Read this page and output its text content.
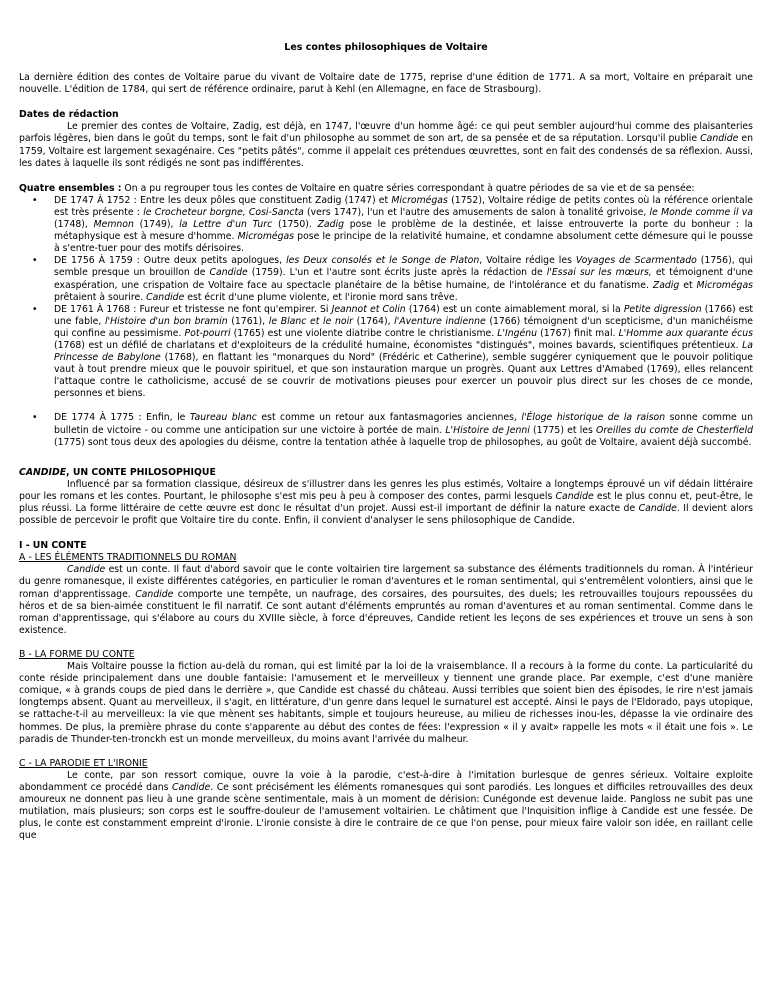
Les contes philosophiques de Voltaire

La dernière édition des contes de Voltaire parue du vivant de Voltaire date de 1775, reprise d'une édition de 1771. A sa mort, Voltaire en préparait une nouvelle. L'édition de 1784, qui sert de référence ordinaire, parut à Kehl (en Allemagne, en face de Strasbourg).

Dates de rédaction

Le premier des contes de Voltaire, Zadig, est déjà, en 1747, l'œuvre d'un homme âgé: ce qui peut sembler aujourd'hui comme des plaisanteries parfois légères, bien dans le goût du temps, sont le fait d'un philosophe au sommet de son art, de sa pensée et de sa réputation. Lorsqu'il publie Candide en 1759, Voltaire est largement sexagénaire. Ces "petits pâtés", comme il appelait ces prétendues œuvrettes, sont en fait des condensés de sa réflexion. Aussi, les dates à laquelle ils sont rédigés ne sont pas indifférentes.

Quatre ensembles : On a pu regrouper tous les contes de Voltaire en quatre séries correspondant à quatre périodes de sa vie et de sa pensée:

• DE 1747 À 1752 : Entre les deux pôles que constituent Zadig (1747) et Micromégas (1752), Voltaire rédige de petits contes où la référence orientale est très présente : le Crocheteur borgne, Cosi-Sancta (vers 1747), l'un et l'autre des amusements de salon à tonalité grivoise, le Monde comme il va (1748), Memnon (1749), la Lettre d'un Turc (1750). Zadig pose le problème de la destinée, et laisse entrouverte la porte du bonheur : la métaphysique est à mesure d'homme. Micromégas pose le principe de la relativité humaine, et condamne absolument cette démesure qui le pousse à s'entre-tuer pour des motifs dérisoires.
• DE 1756 À 1759 : Outre deux petits apologues, les Deux consolés et le Songe de Platon, Voltaire rédige les Voyages de Scarmentado (1756), qui semble presque un brouillon de Candide (1759). L'un et l'autre sont écrits juste après la rédaction de l'Essai sur les mœurs, et témoignent d'une exaspération, une crispation de Voltaire face au spectacle planétaire de la bêtise humaine, de l'intolérance et du fanatisme. Zadig et Micromégas prêtaient à sourire. Candide est écrit d'une plume violente, et l'ironie mord sans trêve.
• DE 1761 À 1768 : Fureur et tristesse ne font qu'empirer. Si Jeannot et Colin (1764) est un conte aimablement moral, si la Petite digression (1766) est une fable, l'Histoire d'un bon bramin (1761), le Blanc et le noir (1764), l'Aventure indienne (1766) témoignent d'un scepticisme, d'un manichéisme qui confine au pessimisme. Pot-pourri (1765) est une violente diatribe contre le christianisme. L'Ingénu (1767) finit mal. L'Homme aux quarante écus (1768) est un défilé de charlatans et d'exploiteurs de la crédulité humaine, économistes "distingués", moines bavards, scientifiques prétentieux. La Princesse de Babylone (1768), en flattant les "monarques du Nord" (Frédéric et Catherine), semble suggérer cyniquement que le pouvoir politique vaut à tout prendre mieux que le pouvoir spirituel, et que son instauration marque un progrès. Quant aux Lettres d'Amabed (1769), elles relancent l'attaque contre le catholicisme, accusé de se couvrir de motivations pieuses pour exercer un pouvoir plus direct sur les choses de ce monde, personnes et biens.
• DE 1774 À 1775 : Enfin, le Taureau blanc est comme un retour aux fantasmagories anciennes, l'Éloge historique de la raison sonne comme un bulletin de victoire - ou comme une anticipation sur une victoire à portée de main. L'Histoire de Jenni (1775) et les Oreilles du comte de Chesterfield (1775) sont tous deux des apologies du déisme, contre la tentation athée à laquelle trop de philosophes, au goût de Voltaire, avaient déjà succombé.

CANDIDE, UN CONTE PHILOSOPHIQUE

Influencé par sa formation classique, désireux de s'illustrer dans les genres les plus estimés, Voltaire a longtemps éprouvé un vif dédain littéraire pour les romans et les contes. Pourtant, le philosophe s'est mis peu à peu à composer des contes, parmi lesquels Candide est le plus connu et, peut-être, le plus réussi. La forme littéraire de cette œuvre est donc le résultat d'un projet. Aussi est-il important de définir la nature exacte de Candide. Il devient alors possible de percevoir le profit que Voltaire tire du conte. Enfin, il convient d'analyser le sens philosophique de Candide.

I - UN CONTE

A - LES ÉLÉMENTS TRADITIONNELS DU ROMAN

Candide est un conte. Il faut d'abord savoir que le conte voltairien tire largement sa substance des éléments traditionnels du roman. À l'intérieur du genre romanesque, il existe différentes catégories, en particulier le roman d'aventures et le roman sentimental, qui s'entremêlent volontiers, ainsi que le roman d'apprentissage. Candide comporte une tempête, un naufrage, des corsaires, des poursuites, des duels; les retrouvailles toujours repoussées du héros et de sa bien-aimée constituent le fil narratif. Ce sont autant d'éléments empruntés au roman d'aventures et au roman sentimental. Comme dans le roman d'apprentissage, qui s'élabore au cours du XVIIIe siècle, à force d'épreuves, Candide retient les leçons de ses expériences et trouve un sens à son existence.

B - LA FORME DU CONTE

Mais Voltaire pousse la fiction au-delà du roman, qui est limité par la loi de la vraisemblance. Il a recours à la forme du conte. La particularité du conte réside principalement dans une double fantaisie: l'amusement et le merveilleux y tiennent une grande place. Par exemple, c'est d'une manière comique, « à grands coups de pied dans le derrière », que Candide est chassé du château. Aussi terribles que soient bien des épisodes, le rire n'est jamais longtemps absent. Quant au merveilleux, il s'agit, en littérature, d'un genre dans lequel le surnaturel est accepté. Ainsi le pays de l'Eldorado, pays utopique, se rattache-t-il au merveilleux: la vie que mènent ses habitants, simple et toujours heureuse, au milieu de richesses inou-les, dépasse la vie ordinaire des hommes. De plus, la première phrase du conte s'apparente au début des contes de fées: l'expression « il y avait» rappelle les mots « il était une fois ». Le paradis de Thunder-ten-tronckh est un monde merveilleux, du moins avant l'arrivée du malheur.

C - LA PARODIE ET L'IRONIE

Le conte, par son ressort comique, ouvre la voie à la parodie, c'est-à-dire à l'imitation burlesque de genres sérieux. Voltaire exploite abondamment ce procédé dans Candide. Ce sont précisément les éléments romanesques qui sont parodiés. Les longues et difficiles retrouvailles des deux amoureux ne donnent pas lieu à une grande scène sentimentale, mais à un moment de dérision: Cunégonde est devenue laide. Pangloss ne subit pas une mutilation, mais plusieurs; son corps est le souffre-douleur de l'amusement voltairien. Le châtiment que l'Inquisition inflige à Candide est une fessée. De plus, le conte est constamment empreint d'ironie. L'ironie consiste à dire le contraire de ce que l'on pense, pour mieux faire valoir son idée, en raillant celle que
